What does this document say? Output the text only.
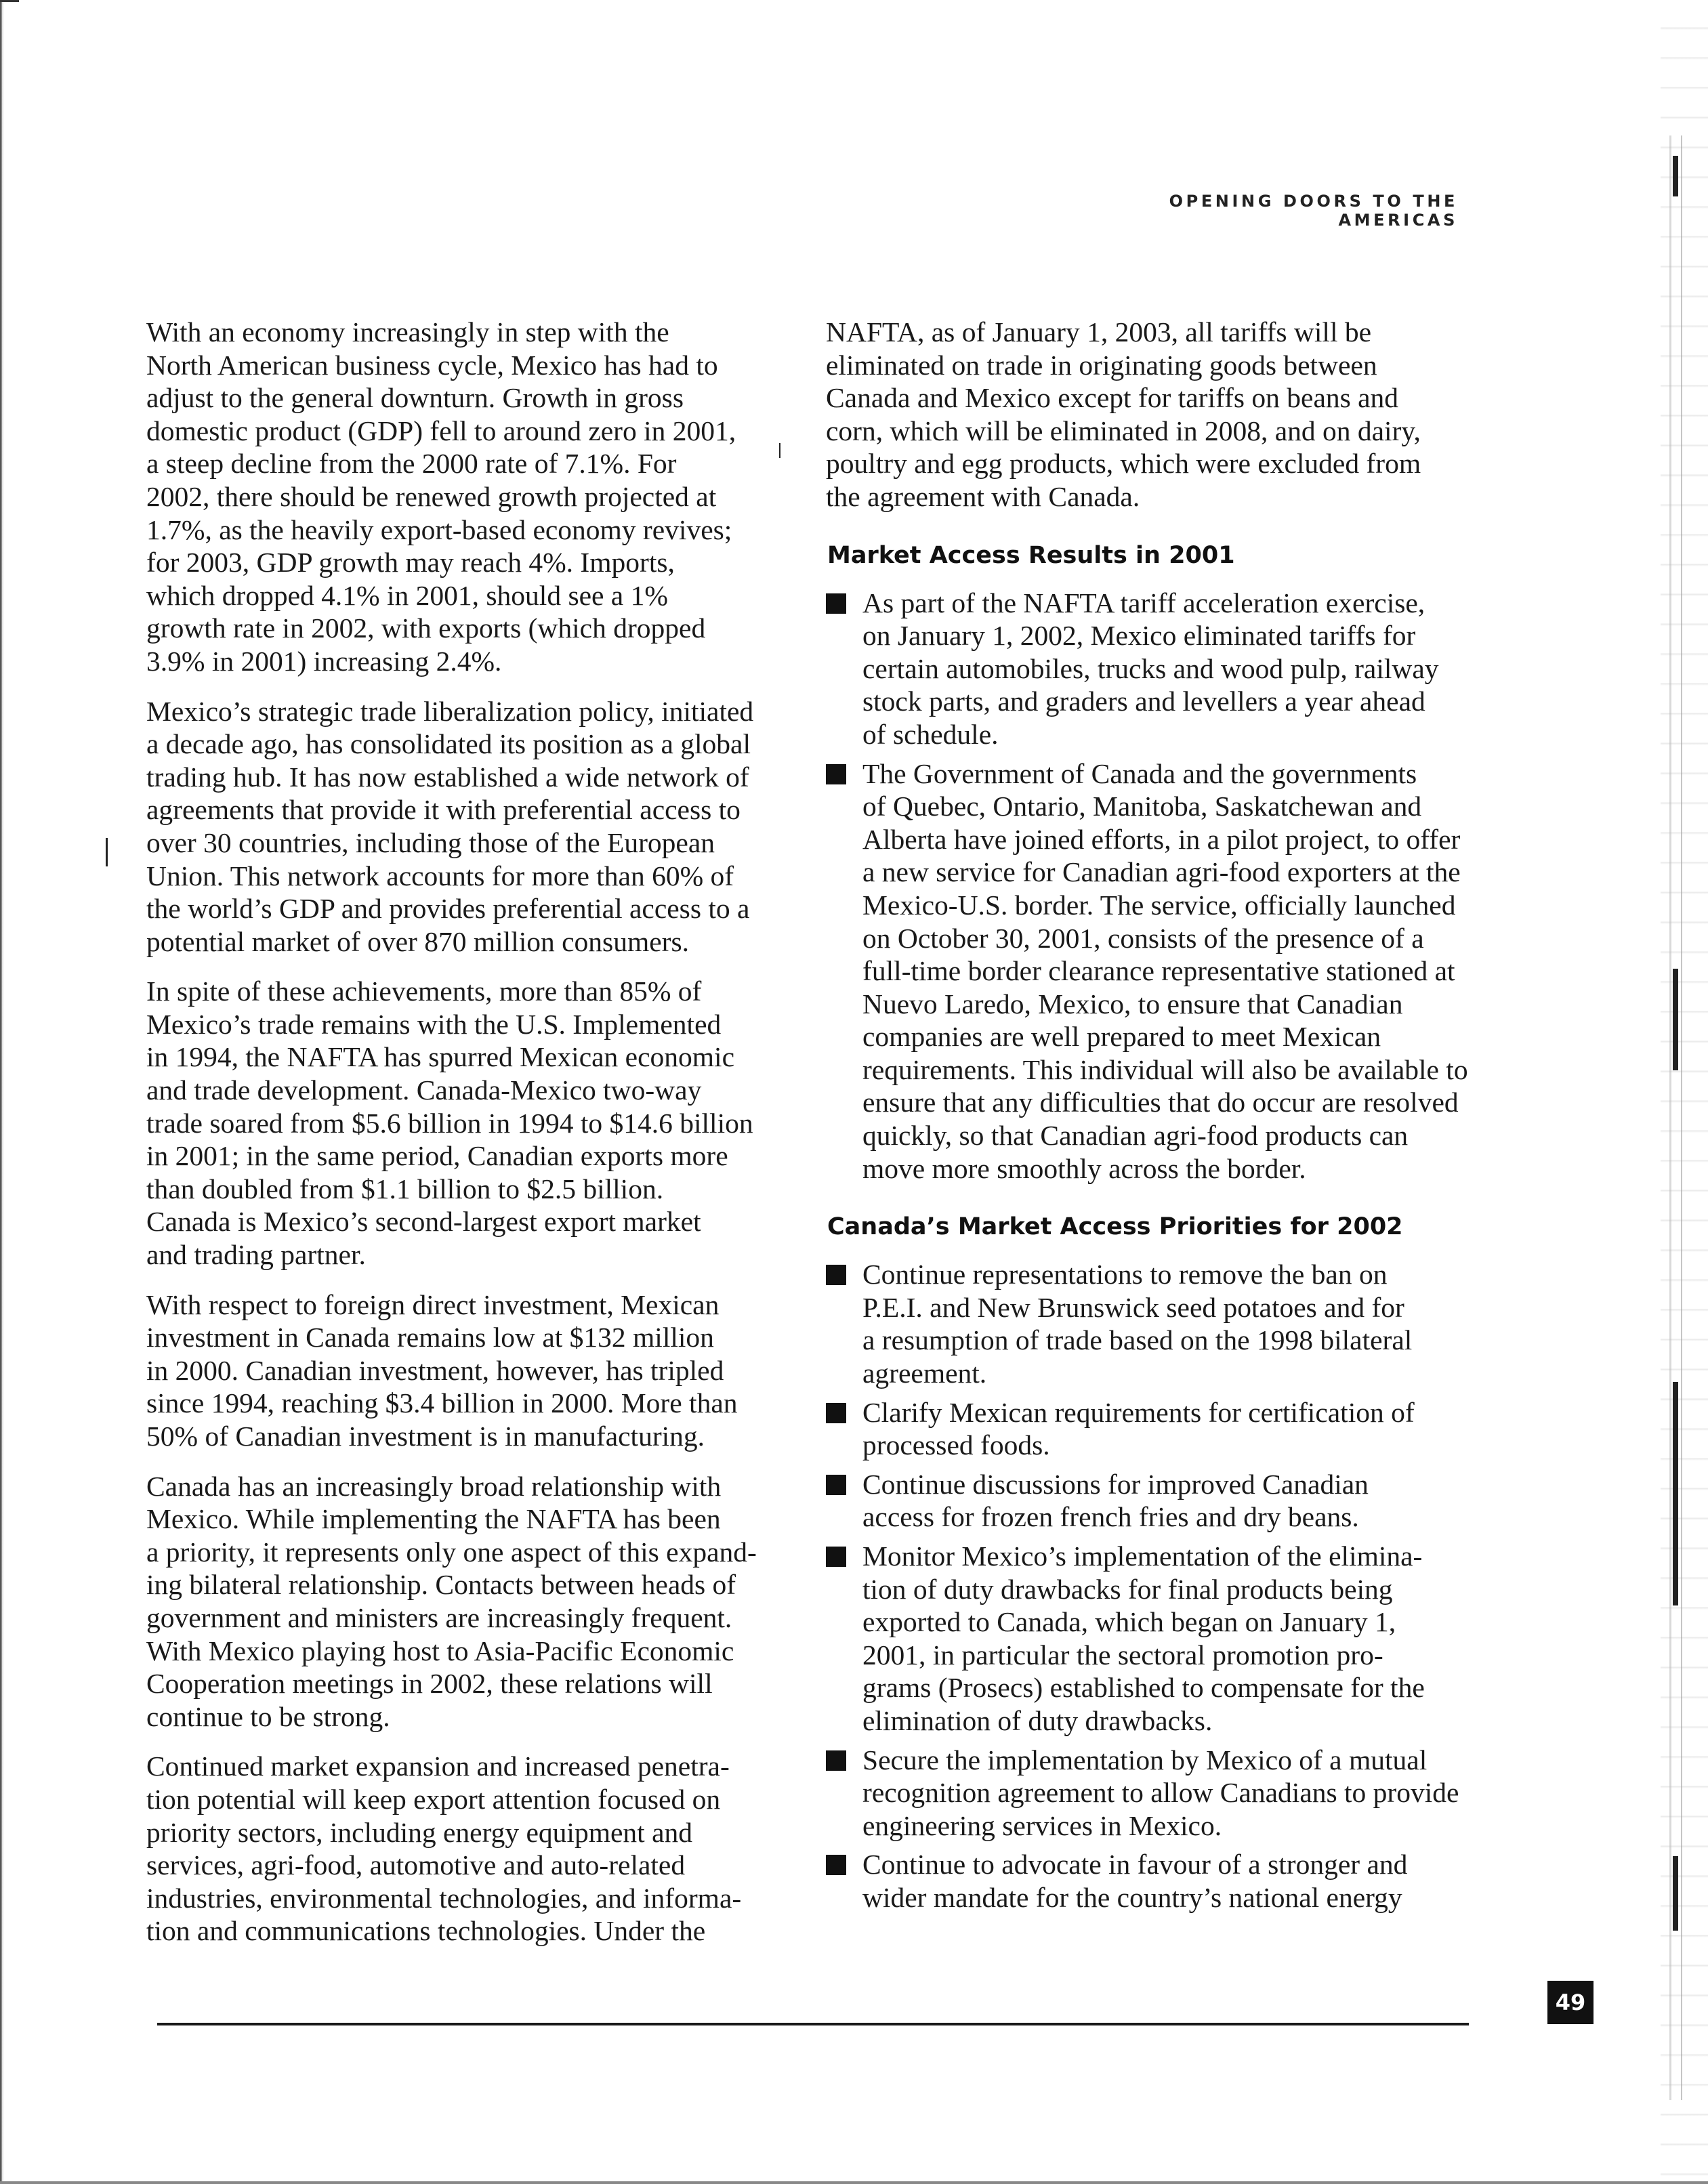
OPENING DOORS TO THE AMERICAS

With an economy increasingly in step with the
North American business cycle, Mexico has had to
adjust to the general downturn. Growth in gross
domestic product (GDP) fell to around zero in 2001,
a steep decline from the 2000 rate of 7.1%. For
2002, there should be renewed growth projected at
1.7%, as the heavily export-based economy revives;
for 2003, GDP growth may reach 4%. Imports,
which dropped 4.1% in 2001, should see a 1%
growth rate in 2002, with exports (which dropped
3.9% in 2001) increasing 2.4%.

Mexico’s strategic trade liberalization policy, initiated
a decade ago, has consolidated its position as a global
trading hub. It has now established a wide network of
agreements that provide it with preferential access to
over 30 countries, including those of the European
Union. This network accounts for more than 60% of
the world’s GDP and provides preferential access to a
potential market of over 870 million consumers.

In spite of these achievements, more than 85% of
Mexico’s trade remains with the U.S. Implemented
in 1994, the NAFTA has spurred Mexican economic
and trade development. Canada-Mexico two-way
trade soared from $5.6 billion in 1994 to $14.6 billion
in 2001; in the same period, Canadian exports more
than doubled from $1.1 billion to $2.5 billion.
Canada is Mexico’s second-largest export market
and trading partner.

With respect to foreign direct investment, Mexican
investment in Canada remains low at $132 million
in 2000. Canadian investment, however, has tripled
since 1994, reaching $3.4 billion in 2000. More than
50% of Canadian investment is in manufacturing.

Canada has an increasingly broad relationship with
Mexico. While implementing the NAFTA has been
a priority, it represents only one aspect of this expand-
ing bilateral relationship. Contacts between heads of
government and ministers are increasingly frequent.
With Mexico playing host to Asia-Pacific Economic
Cooperation meetings in 2002, these relations will
continue to be strong.

Continued market expansion and increased penetra-
tion potential will keep export attention focused on
priority sectors, including energy equipment and
services, agri-food, automotive and auto-related
industries, environmental technologies, and informa-
tion and communications technologies. Under the

NAFTA, as of January 1, 2003, all tariffs will be
eliminated on trade in originating goods between
Canada and Mexico except for tariffs on beans and
corn, which will be eliminated in 2008, and on dairy,
poultry and egg products, which were excluded from
the agreement with Canada.

Market Access Results in 2001
As part of the NAFTA tariff acceleration exercise,
on January 1, 2002, Mexico eliminated tariffs for
certain automobiles, trucks and wood pulp, railway
stock parts, and graders and levellers a year ahead
of schedule.
The Government of Canada and the governments
of Quebec, Ontario, Manitoba, Saskatchewan and
Alberta have joined efforts, in a pilot project, to offer
a new service for Canadian agri-food exporters at the
Mexico-U.S. border. The service, officially launched
on October 30, 2001, consists of the presence of a
full-time border clearance representative stationed at
Nuevo Laredo, Mexico, to ensure that Canadian
companies are well prepared to meet Mexican
requirements. This individual will also be available to
ensure that any difficulties that do occur are resolved
quickly, so that Canadian agri-food products can
move more smoothly across the border.
Canada’s Market Access Priorities for 2002
Continue representations to remove the ban on
P.E.I. and New Brunswick seed potatoes and for
a resumption of trade based on the 1998 bilateral
agreement.
Clarify Mexican requirements for certification of
processed foods.
Continue discussions for improved Canadian
access for frozen french fries and dry beans.
Monitor Mexico’s implementation of the elimina-
tion of duty drawbacks for final products being
exported to Canada, which began on January 1,
2001, in particular the sectoral promotion pro-
grams (Prosecs) established to compensate for the
elimination of duty drawbacks.
Secure the implementation by Mexico of a mutual
recognition agreement to allow Canadians to provide
engineering services in Mexico.
Continue to advocate in favour of a stronger and
wider mandate for the country’s national energy
49
